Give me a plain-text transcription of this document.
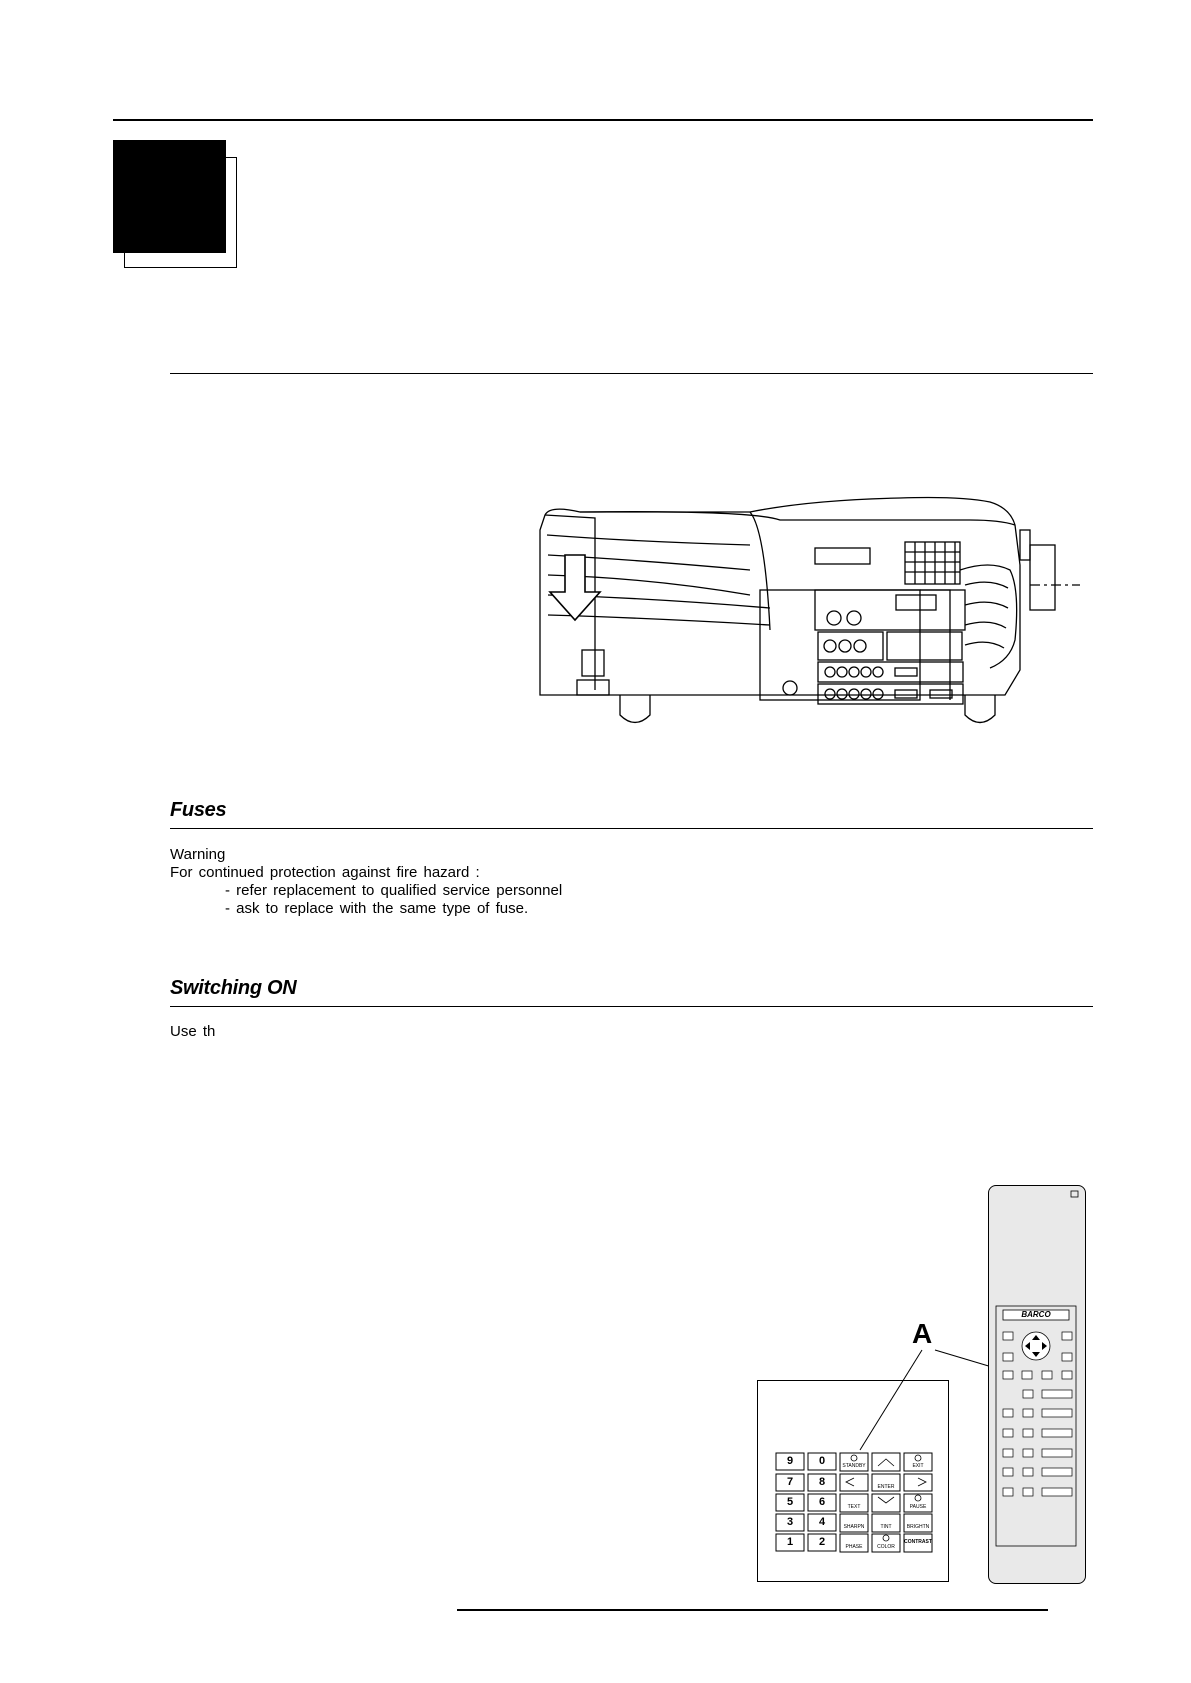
Fuses
Warning
For continued protection against fire hazard :
- refer replacement to qualified service personnel
- ask to replace with the same type of fuse.
Switching ON
Use th
A
9	0
7	8
5	6
3	4
1	2
STANDBY	EXIT
ENTER
TEXT	PAUSE
SHARPN	TINT	BRIGHTN
PHASE	COLOR
CONTRAST
BARCO
